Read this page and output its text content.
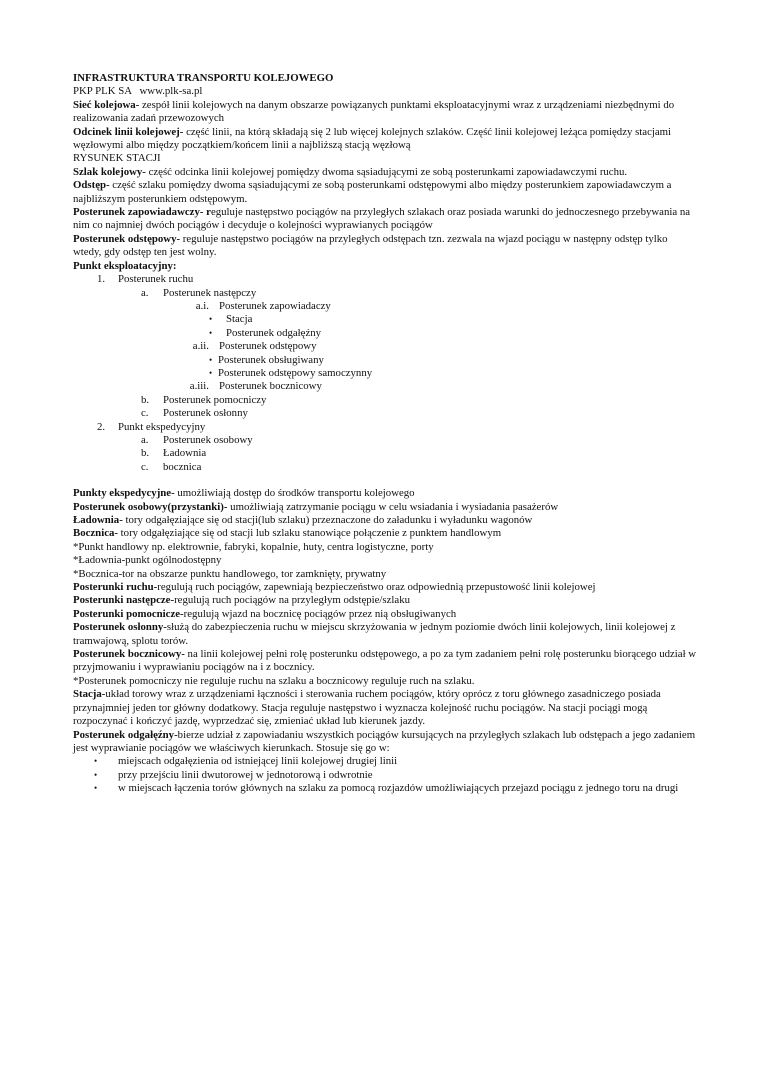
INFRASTRUKTURA TRANSPORTU KOLEJOWEGO

PKP PLK SA   www.plk-sa.pl

Sieć kolejowa- zespół linii kolejowych na danym obszarze powiązanych punktami eksploatacyjnymi wraz z urządzeniami niezbędnymi do realizowania zadań przewozowych

Odcinek linii kolejowej- część linii, na którą składają się 2 lub więcej kolejnych szlaków. Część linii kolejowej leżąca pomiędzy stacjami węzłowymi albo między początkiem/końcem linii a najbliższą stacją węzłową

RYSUNEK STACJI

Szlak kolejowy- część odcinka linii kolejowej pomiędzy dwoma sąsiadującymi ze sobą posterunkami zapowiadawczymi ruchu.

Odstęp- część szlaku pomiędzy dwoma sąsiadującymi ze sobą posterunkami odstępowymi albo między posterunkiem zapowiadawczym a najbliższym posterunkiem odstępowym.

Posterunek zapowiadawczy- reguluje następstwo pociągów na przyległych szlakach oraz posiada warunki do jednoczesnego przebywania na nim co najmniej dwóch pociągów i decyduje o kolejności wyprawianych pociągów

Posterunek odstępowy- reguluje następstwo pociągów na przyległych odstępach tzn. zezwala na wjazd pociągu w następny odstęp tylko wtedy, gdy odstęp ten jest wolny.

Punkt eksploatacyjny:

1.	Posterunek ruchu
a.	Posterunek następczy
a.i. Posterunek zapowiadaczy
•	Stacja
•	Posterunek odgałęźny
a.ii. Posterunek odstępowy
• Posterunek obsługiwany
• Posterunek odstępowy samoczynny
a.iii. Posterunek bocznicowy
b.	Posterunek pomocniczy
c.	Posterunek osłonny
2.	Punkt ekspedycyjny
a.	Posterunek osobowy
b.	Ładownia
c.	bocznica

Punkty ekspedycyjne- umożliwiają dostęp do środków transportu kolejowego

Posterunek osobowy(przystanki)- umożliwiają zatrzymanie pociągu w celu wsiadania i wysiadania pasażerów

Ładownia- tory odgałęziające się od stacji(lub szlaku) przeznaczone do załadunku i wyładunku wagonów

Bocznica- tory odgałęziające się od stacji lub szlaku stanowiące połączenie z punktem handlowym

*Punkt handlowy np. elektrownie, fabryki, kopalnie, huty, centra logistyczne, porty

*Ładownia-punkt ogólnodostępny

*Bocznica-tor na obszarze punktu handlowego, tor zamknięty, prywatny

Posterunki ruchu-regulują ruch pociągów, zapewniają bezpieczeństwo oraz odpowiednią przepustowość linii kolejowej

Posterunki następcze-regulują ruch pociągów na przyległym odstępie/szlaku

Posterunki pomocnicze-regulują wjazd na bocznicę pociągów przez nią obsługiwanych

Posterunek osłonny-służą do zabezpieczenia ruchu w miejscu skrzyżowania w jednym poziomie dwóch linii kolejowych, linii kolejowej z tramwajową, splotu torów.

Posterunek bocznicowy- na linii kolejowej pełni rolę posterunku odstępowego, a po za tym zadaniem pełni rolę posterunku biorącego udział w przyjmowaniu i wyprawianiu pociągów na i z bocznicy.

*Posterunek pomocniczy nie reguluje ruchu na szlaku a bocznicowy reguluje ruch na szlaku.

Stacja-układ torowy wraz z urządzeniami łączności i sterowania ruchem pociągów, który oprócz z toru głównego zasadniczego posiada przynajmniej jeden tor główny dodatkowy. Stacja reguluje następstwo i wyznacza kolejność ruchu pociągów. Na stacji pociągi mogą rozpoczynać i kończyć jazdę, wyprzedzać się, zmieniać układ lub kierunek jazdy.

Posterunek odgałęźny-bierze udział z zapowiadaniu wszystkich pociągów kursujących na przyległych szlakach lub odstępach a jego zadaniem jest wyprawianie pociągów we właściwych kierunkach. Stosuje się go w:

•	miejscach odgałęzienia od istniejącej linii kolejowej drugiej linii
•	przy przejściu linii dwutorowej w jednotorową i odwrotnie
•	w miejscach łączenia torów głównych na szlaku za pomocą rozjazdów umożliwiających przejazd pociągu z jednego toru na drugi
